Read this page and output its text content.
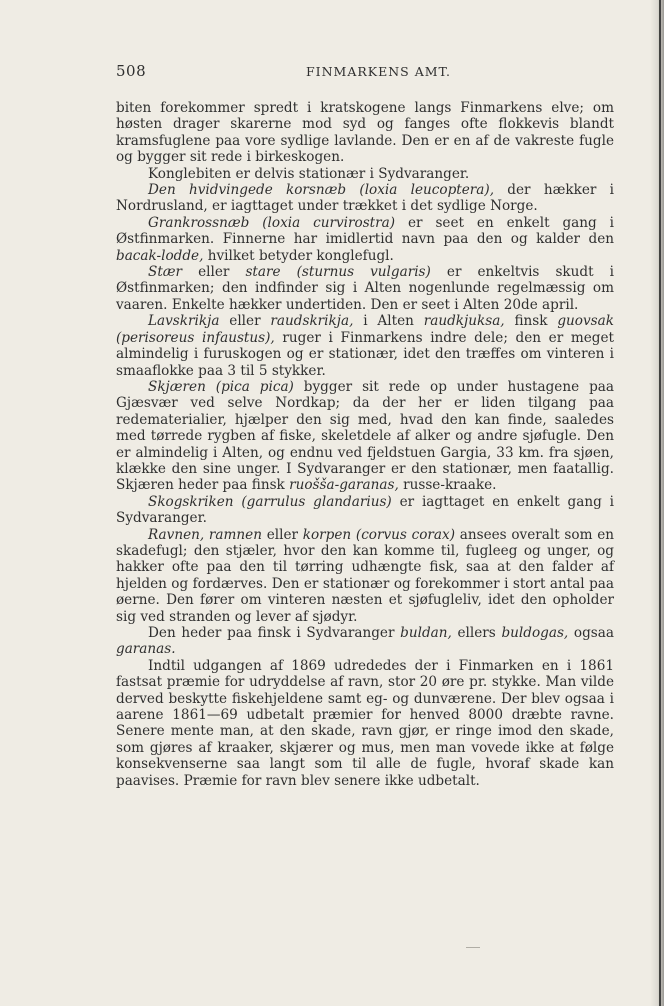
508	FINMARKENS AMT.

biten forekommer spredt i kratskogene langs Finmarkens elve; om høsten drager skarerne mod syd og fanges ofte flokkevis blandt kramsfuglene paa vore sydlige lavlande. Den er en af de vakreste fugle og bygger sit rede i birkeskogen.

Konglebiten er delvis stationær i Sydvaranger.

Den hvidvingede korsnæb (loxia leucoptera), der hækker i Nordrusland, er iagttaget under trækket i det sydlige Norge.

Grankrossnæb (loxia curvirostra) er seet en enkelt gang i Østfinmarken. Finnerne har imidlertid navn paa den og kalder den bacak-lodde, hvilket betyder konglefugl.

Stær eller stare (sturnus vulgaris) er enkeltvis skudt i Østfinmarken; den indfinder sig i Alten nogenlunde regelmæssig om vaaren. Enkelte hækker undertiden. Den er seet i Alten 20de april.

Lavskrikja eller raudskrikja, i Alten raudkjuksa, finsk guovsak (perisoreus infaustus), ruger i Finmarkens indre dele; den er meget almindelig i furuskogen og er stationær, idet den træffes om vinteren i smaaflokke paa 3 til 5 stykker.

Skjæren (pica pica) bygger sit rede op under hustagene paa Gjæsvær ved selve Nordkap; da der her er liden tilgang paa redematerialier, hjælper den sig med, hvad den kan finde, saaledes med tørrede rygben af fiske, skeletdele af alker og andre sjøfugle. Den er almindelig i Alten, og endnu ved fjeldstuen Gargia, 33 km. fra sjøen, klække den sine unger. I Sydvaranger er den stationær, men faatallig. Skjæren heder paa finsk ruošša-garanas, russe-kraake.

Skogskriken (garrulus glandarius) er iagttaget en enkelt gang i Sydvaranger.

Ravnen, ramnen eller korpen (corvus corax) ansees overalt som en skadefugl; den stjæler, hvor den kan komme til, fugleeg og unger, og hakker ofte paa den til tørring udhængte fisk, saa at den falder af hjelden og fordærves. Den er stationær og forekommer i stort antal paa øerne. Den fører om vinteren næsten et sjøfugleliv, idet den opholder sig ved stranden og lever af sjødyr.

Den heder paa finsk i Sydvaranger buldan, ellers buldogas, ogsaa garanas.

Indtil udgangen af 1869 udrededes der i Finmarken en i 1861 fastsat præmie for udryddelse af ravn, stor 20 øre pr. stykke. Man vilde derved beskytte fiskehjeldene samt eg- og dunværene. Der blev ogsaa i aarene 1861—69 udbetalt præmier for henved 8000 dræbte ravne. Senere mente man, at den skade, ravn gjør, er ringe imod den skade, som gjøres af kraaker, skjærer og mus, men man vovede ikke at følge konsekvenserne saa langt som til alle de fugle, hvoraf skade kan paavises. Præmie for ravn blev senere ikke udbetalt.
